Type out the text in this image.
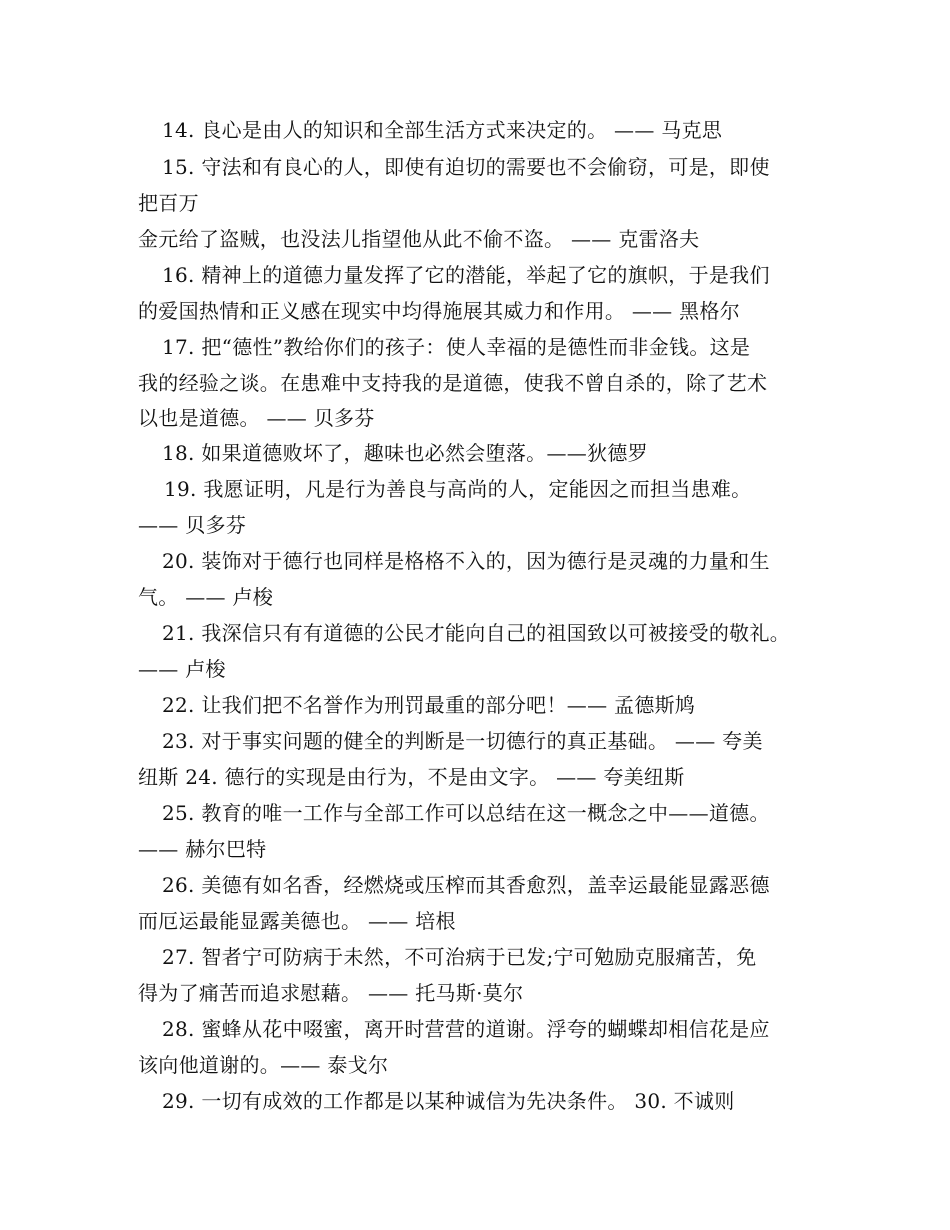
14. 良心是由人的知识和全部生活方式来决定的。 —— 马克思
15. 守法和有良心的人，即使有迫切的需要也不会偷窃，可是，即使
把百万
金元给了盗贼，也没法儿指望他从此不偷不盗。 —— 克雷洛夫
16. 精神上的道德力量发挥了它的潜能，举起了它的旗帜，于是我们
的爱国热情和正义感在现实中均得施展其威力和作用。 —— 黑格尔
17. 把“德性”教给你们的孩子：使人幸福的是德性而非金钱。这是
我的经验之谈。在患难中支持我的是道德，使我不曾自杀的，除了艺术
以也是道德。 —— 贝多芬
18. 如果道德败坏了，趣味也必然会堕落。——狄德罗
19. 我愿证明，凡是行为善良与高尚的人，定能因之而担当患难。
—— 贝多芬
20. 装饰对于德行也同样是格格不入的，因为德行是灵魂的力量和生
气。 —— 卢梭
21. 我深信只有有道德的公民才能向自己的祖国致以可被接受的敬礼。
—— 卢梭
22. 让我们把不名誉作为刑罚最重的部分吧！—— 孟德斯鸠
23. 对于事实问题的健全的判断是一切德行的真正基础。 —— 夸美
纽斯 24. 德行的实现是由行为，不是由文字。 —— 夸美纽斯
25. 教育的唯一工作与全部工作可以总结在这一概念之中——道德。
—— 赫尔巴特
26. 美德有如名香，经燃烧或压榨而其香愈烈，盖幸运最能显露恶德
而厄运最能显露美德也。 —— 培根
27. 智者宁可防病于未然，不可治病于已发;宁可勉励克服痛苦，免
得为了痛苦而追求慰藉。 —— 托马斯·莫尔
28. 蜜蜂从花中啜蜜，离开时营营的道谢。浮夸的蝴蝶却相信花是应
该向他道谢的。—— 泰戈尔
29. 一切有成效的工作都是以某种诚信为先决条件。 30. 不诚则
